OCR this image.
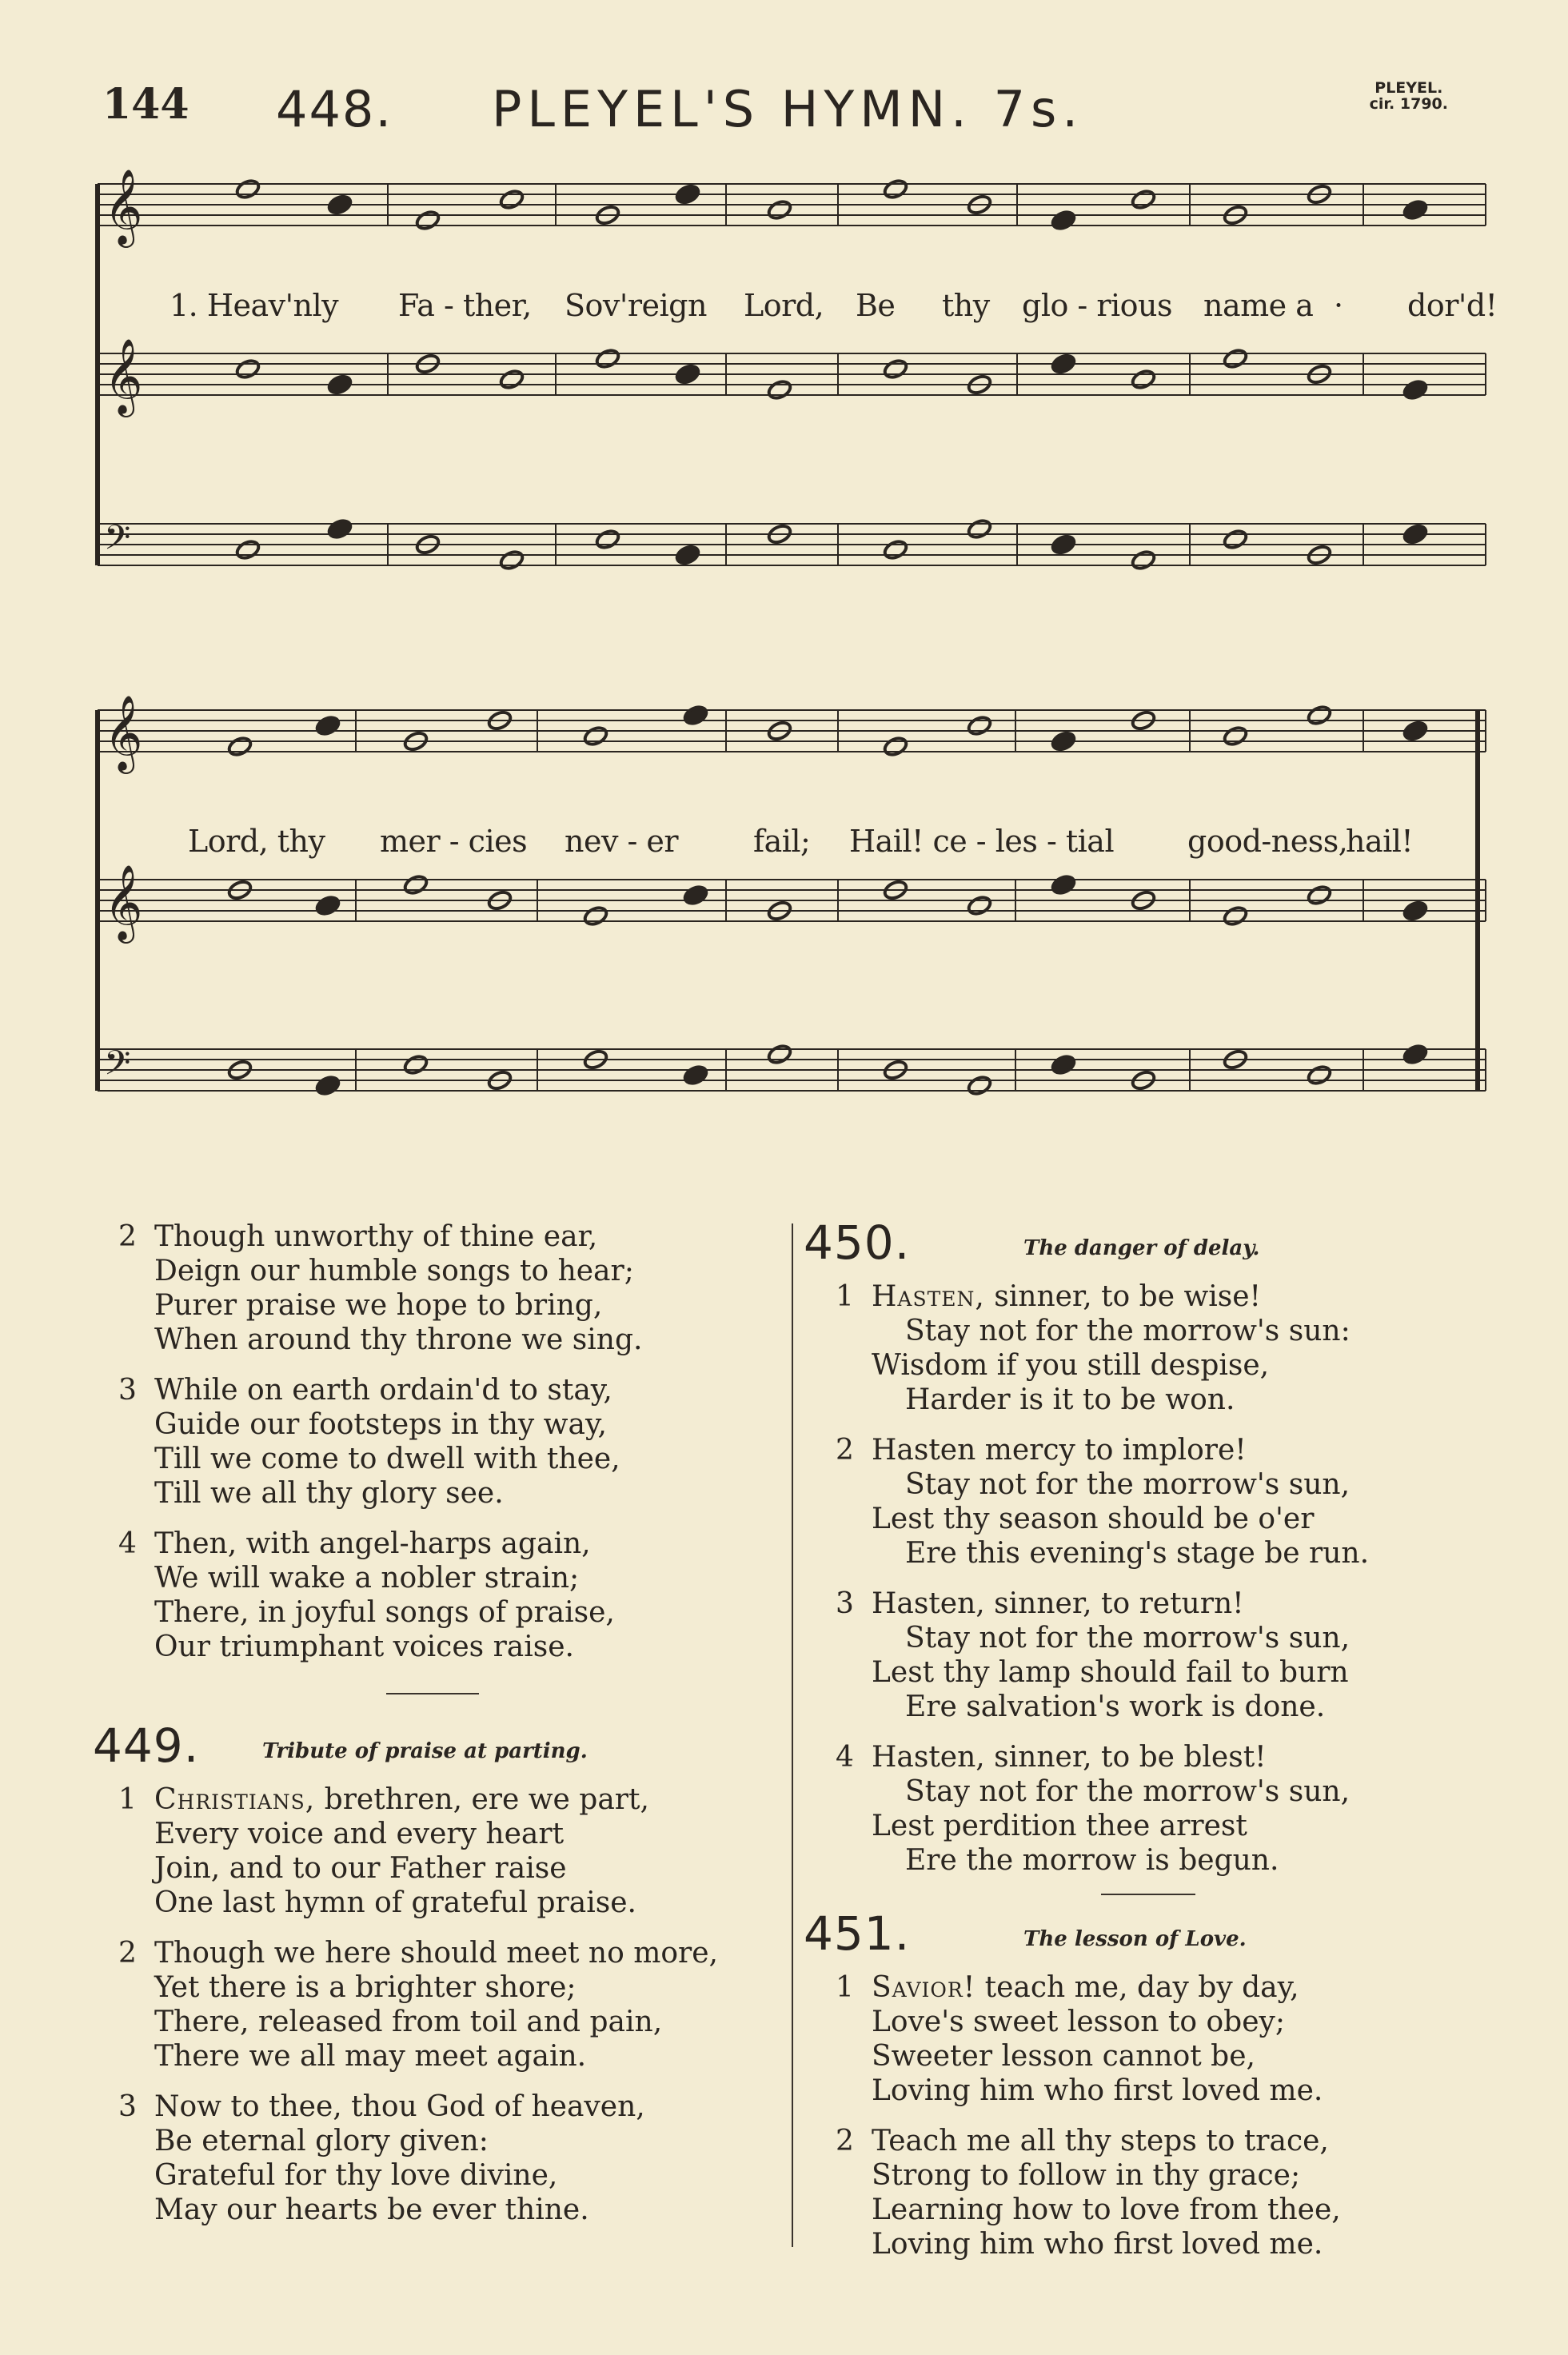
144 448. PLEYEL'S HYMN. 7s.	PLEYEL.
cir. 1790.
𝄞
𝄞
𝄢
𝄞
𝄞
𝄢
1. Heav'nly Fa - ther, Sov'reign Lord, Be thy glo - rious name a · dor'd!
Lord, thy mer - cies nev - er fail; Hail! ce - les - tial good-ness,
hail!
2 Though unworthy of thine ear,
Deign our humble songs to hear;
Purer praise we hope to bring,
When around thy throne we sing.
3 While on earth ordain'd to stay,
Guide our footsteps in thy way,
Till we come to dwell with thee,
Till we all thy glory see.
4 Then, with angel-harps again,
We will wake a nobler strain;
There, in joyful songs of praise,
Our triumphant voices raise.
449.	Tribute of praise at parting.
1 Christians, brethren, ere we part,
Every voice and every heart
Join, and to our Father raise
One last hymn of grateful praise.
2 Though we here should meet no more,
Yet there is a brighter shore;
There, released from toil and pain,
There we all may meet again.
3 Now to thee, thou God of heaven,
Be eternal glory given:
Grateful for thy love divine,
May our hearts be ever thine.
450.	The danger of delay.
1 Hasten, sinner, to be wise!
Stay not for the morrow's sun:
Wisdom if you still despise,
Harder is it to be won.
2 Hasten mercy to implore!
Stay not for the morrow's sun,
Lest thy season should be o'er
Ere this evening's stage be run.
3 Hasten, sinner, to return!
Stay not for the morrow's sun,
Lest thy lamp should fail to burn
Ere salvation's work is done.
4 Hasten, sinner, to be blest!
Stay not for the morrow's sun,
Lest perdition thee arrest
Ere the morrow is begun.
451.	The lesson of Love.
1 Savior! teach me, day by day,
Love's sweet lesson to obey;
Sweeter lesson cannot be,
Loving him who first loved me.
2 Teach me all thy steps to trace,
Strong to follow in thy grace;
Learning how to love from thee,
Loving him who first loved me.
